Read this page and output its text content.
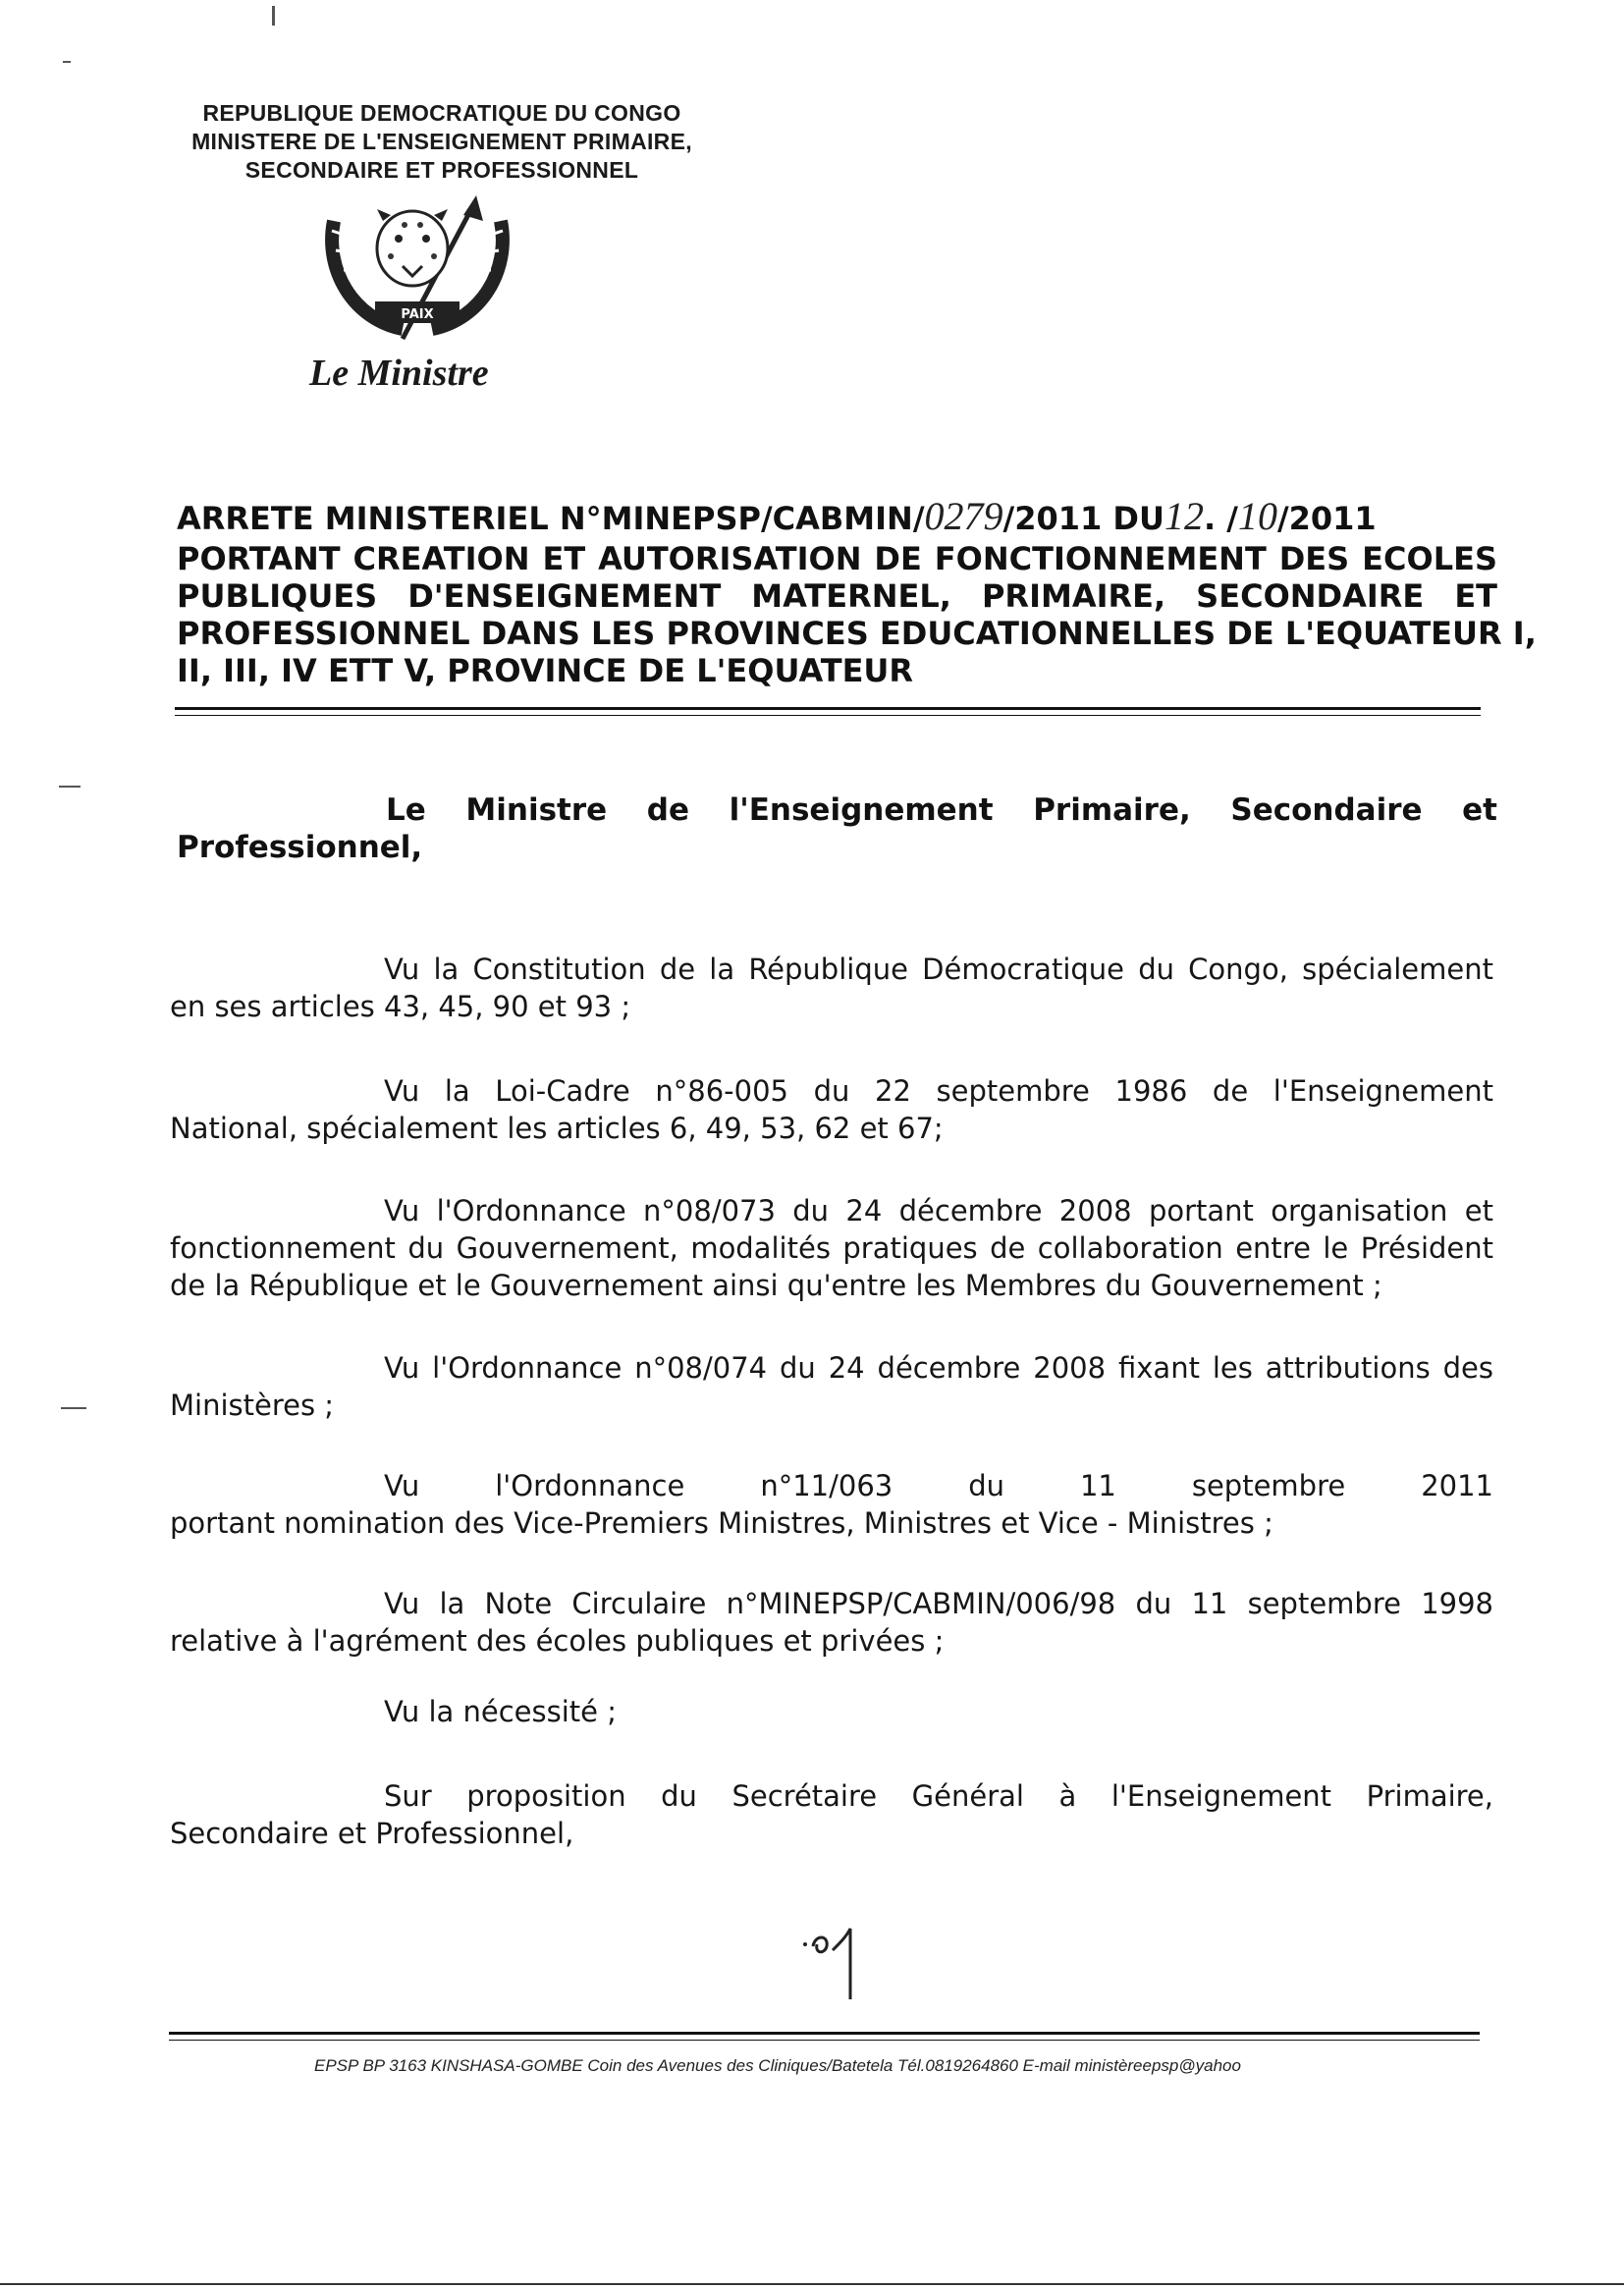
REPUBLIQUE DEMOCRATIQUE DU CONGO
MINISTERE DE L'ENSEIGNEMENT PRIMAIRE,
SECONDAIRE ET PROFESSIONNEL
PAIX
Le Ministre
ARRETE MINISTERIEL N°MINEPSP/CABMIN/0279/2011 DU12. /10/2011
PORTANT CREATION ET AUTORISATION DE FONCTIONNEMENT DES ECOLES
PUBLIQUES D'ENSEIGNEMENT MATERNEL, PRIMAIRE, SECONDAIRE ET
PROFESSIONNEL DANS LES PROVINCES EDUCATIONNELLES DE L'EQUATEUR I,
II, III, IV ETT V, PROVINCE DE L'EQUATEUR
Le Ministre de l'Enseignement Primaire, Secondaire et
Professionnel,
Vu la Constitution de la République Démocratique du Congo, spécialement
en ses articles 43, 45, 90 et 93 ;
Vu la Loi-Cadre n°86-005 du 22 septembre 1986 de l'Enseignement
National, spécialement les articles 6, 49, 53, 62 et 67;
Vu l'Ordonnance n°08/073 du 24 décembre 2008 portant organisation et
fonctionnement du Gouvernement, modalités pratiques de collaboration entre le Président
de la République et le Gouvernement ainsi qu'entre les Membres du Gouvernement ;
Vu l'Ordonnance n°08/074 du 24 décembre 2008 fixant les attributions des
Ministères ;
Vu l'Ordonnance n°11/063 du 11 septembre 2011
portant nomination des Vice-Premiers Ministres, Ministres et Vice - Ministres ;
Vu la Note Circulaire n°MINEPSP/CABMIN/006/98 du 11 septembre 1998
relative à l'agrément des écoles publiques et privées ;
Vu la nécessité ;
Sur proposition du Secrétaire Général à l'Enseignement Primaire,
Secondaire et Professionnel,
EPSP BP 3163 KINSHASA-GOMBE Coin des Avenues des Cliniques/Batetela Tél.0819264860 E-mail ministèreepsp@yahoo
